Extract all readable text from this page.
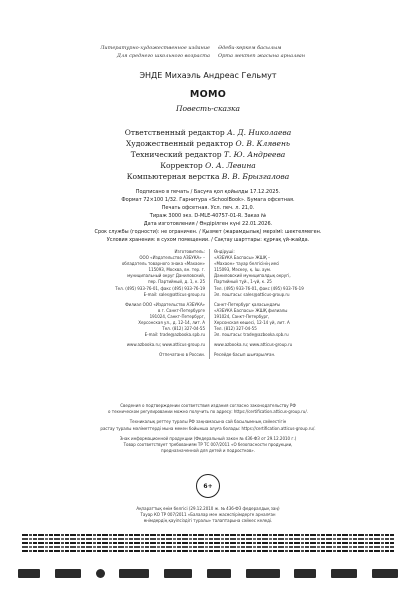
Литературно-художественное издание	Әдеби-көркем басылым
Для среднего школьного возраста	Орта мектеп жасына арналған
ЭНДЕ Михаэль Андреас Гельмут
МОМО
Повесть-сказка
Ответственный редактор А. Д. Николаева
Художественный редактор О. В. Клявень
Технический редактор Т. Ю. Андреева
Корректор О. А. Левина
Компьютерная верстка В. В. Брызгалова
Подписано в печать / Басуға қол қойылды 17.12.2025.
Формат 72×100 1/32. Гарнитура «SchoolBook». Бумага офсетная.
Печать офсетная. Усл. печ. л. 21,0.
Тираж 3000 экз. D-MLE-40757-01-R. Заказ №
Дата изготовления / Өндірілген күні 22.01.2026.
Срок службы (годности): не ограничен. / Қызмет (жарамдылық) мерзімі: шектелмеген.
Условия хранения: в сухом помещении. / Сақтау шарттары: құрғақ үй-жайда.
Изготовитель:
ООО «Издательство АЗБУКА» –
обладатель товарного знака «Махаон»
115093, Москва, вн. тер. г.
муниципальный округ Даниловский,
пер. Партийный, д. 1, к. 25
Тел. (495) 933-76-01, факс (495) 933-76-19
E-mail: sales@atticus-group.ru
Филиал ООО «Издательство АЗБУКА»
в г. Санкт-Петербурге
191024, Санкт-Петербург,
Херсонская ул., д. 12-14, лит. А
Тел. (812) 327-04-55
E-mail: trade@azbooka.spb.ru
www.azbooka.ru; www.atticus-group.ru
Отпечатано в России.
Өндіруші:
«АЗБУКА Баспасы» ЖШҚ –
«Махаон» тауар белгісінің иесі
115093, Мәскеу, қ. Іш. аум.
Даниловский муниципалдық округі,
Партийный тұй., 1-үй, к. 25
Тел. (495) 933-76-01, факс (495) 933-76-19
Эл. поштасы: sales@atticus-group.ru
Санкт-Петербург қаласындағы
«АЗБУКА Баспасы» ЖШҚ филиалы
191024, Санкт-Петербург,
Херсонская көшесі, 12-14 үй, лит. А
Тел. (812) 327-04-55
Эл. поштасы: trade@azbooka.spb.ru
www.azbooka.ru; www.atticus-group.ru
Ресейде басып шығарылған.
Сведения о подтверждении соответствия издания согласно законодательству РФ
о техническом регулировании можно получить по адресу: https://certification.atticus-group.ru/.
Техникалық реттеу туралы РФ заңнамасына сай басылымның сәйкестігін
растау туралы мәліметтерді мына мекен бойынша алуға болады: https://certification.atticus-group.ru/.
Знак информационной продукции (Федеральный закон № 436-ФЗ от 29.12.2010 г.)
Товар соответствует требованиям ТР ТС 007/2011 «О безопасности продукции,
предназначенной для детей и подростков».
6+
Ақпараттық өнім белгісі (29.12.2010 ж. № 436-ФЗ федералдық заң)
Тауар КО ТР 007/2011 «Балалар мен жасөспірімдерге арналған
өнімдердің қауіпсіздігі туралы» талаптарына сәйкес келеді.
